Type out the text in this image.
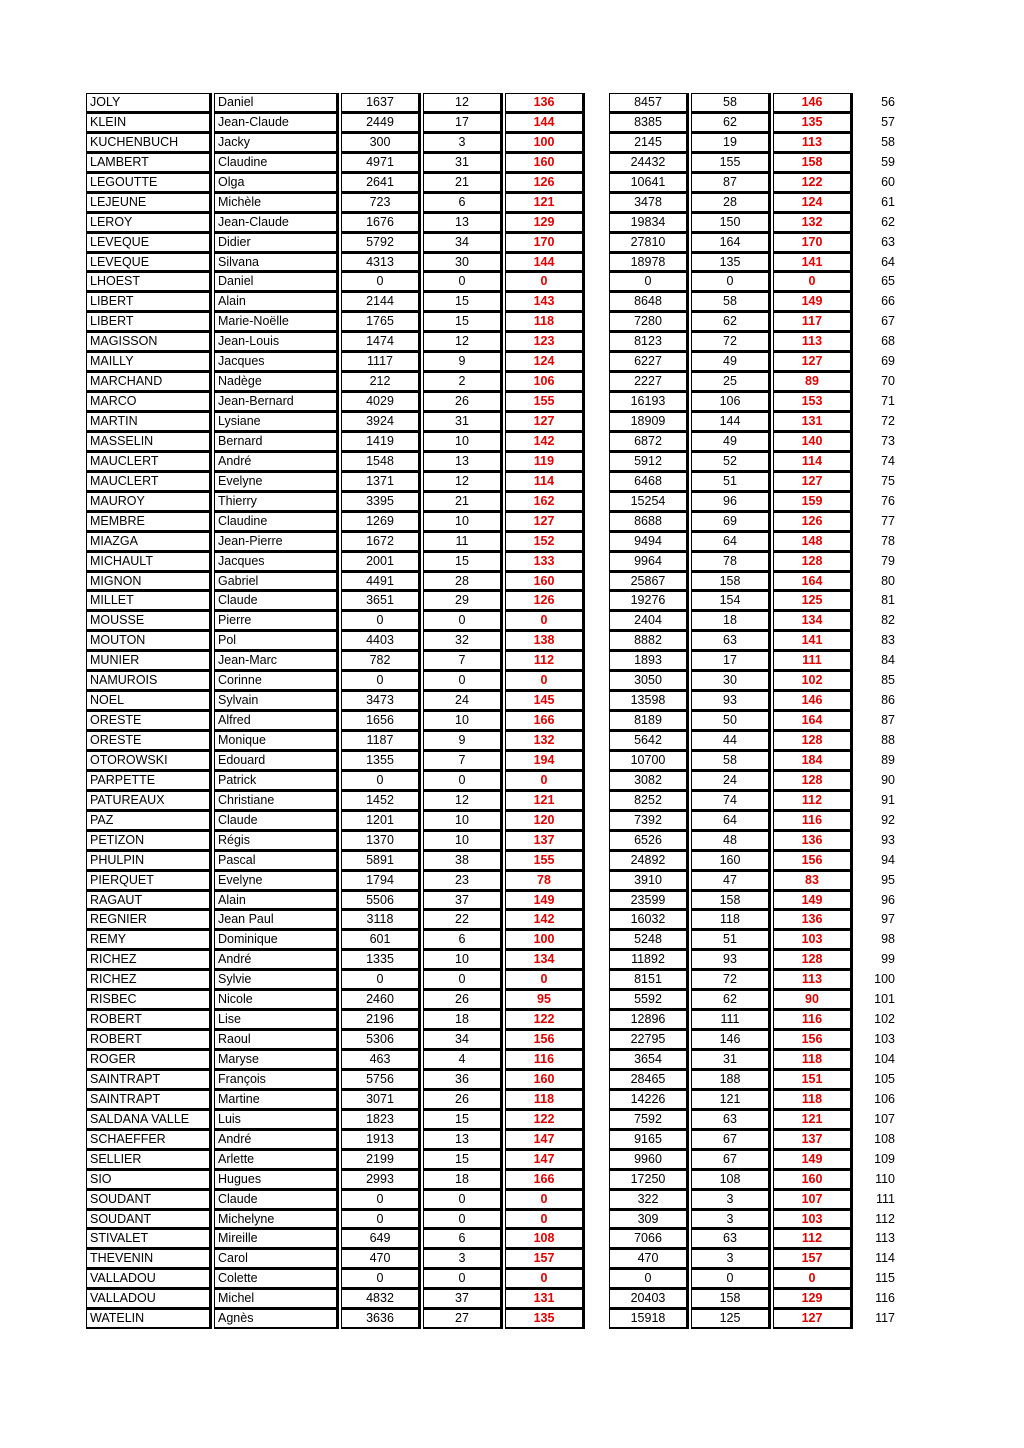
JOLY	Daniel	1637	12	136	8457	58	146	56
KLEIN	Jean-Claude	2449	17	144	8385	62	135	57
KUCHENBUCH	Jacky	300	3	100	2145	19	113	58
LAMBERT	Claudine	4971	31	160	24432	155	158	59
LEGOUTTE	Olga	2641	21	126	10641	87	122	60
LEJEUNE	Michèle	723	6	121	3478	28	124	61
LEROY	Jean-Claude	1676	13	129	19834	150	132	62
LEVEQUE	Didier	5792	34	170	27810	164	170	63
LEVEQUE	Silvana	4313	30	144	18978	135	141	64
LHOEST	Daniel	0	0	0	0	0	0	65
LIBERT	Alain	2144	15	143	8648	58	149	66
LIBERT	Marie-Noëlle	1765	15	118	7280	62	117	67
MAGISSON	Jean-Louis	1474	12	123	8123	72	113	68
MAILLY	Jacques	1117	9	124	6227	49	127	69
MARCHAND	Nadège	212	2	106	2227	25	89	70
MARCO	Jean-Bernard	4029	26	155	16193	106	153	71
MARTIN	Lysiane	3924	31	127	18909	144	131	72
MASSELIN	Bernard	1419	10	142	6872	49	140	73
MAUCLERT	André	1548	13	119	5912	52	114	74
MAUCLERT	Evelyne	1371	12	114	6468	51	127	75
MAUROY	Thierry	3395	21	162	15254	96	159	76
MEMBRE	Claudine	1269	10	127	8688	69	126	77
MIAZGA	Jean-Pierre	1672	11	152	9494	64	148	78
MICHAULT	Jacques	2001	15	133	9964	78	128	79
MIGNON	Gabriel	4491	28	160	25867	158	164	80
MILLET	Claude	3651	29	126	19276	154	125	81
MOUSSE	Pierre	0	0	0	2404	18	134	82
MOUTON	Pol	4403	32	138	8882	63	141	83
MUNIER	Jean-Marc	782	7	112	1893	17	111	84
NAMUROIS	Corinne	0	0	0	3050	30	102	85
NOEL	Sylvain	3473	24	145	13598	93	146	86
ORESTE	Alfred	1656	10	166	8189	50	164	87
ORESTE	Monique	1187	9	132	5642	44	128	88
OTOROWSKI	Edouard	1355	7	194	10700	58	184	89
PARPETTE	Patrick	0	0	0	3082	24	128	90
PATUREAUX	Christiane	1452	12	121	8252	74	112	91
PAZ	Claude	1201	10	120	7392	64	116	92
PETIZON	Régis	1370	10	137	6526	48	136	93
PHULPIN	Pascal	5891	38	155	24892	160	156	94
PIERQUET	Evelyne	1794	23	78	3910	47	83	95
RAGAUT	Alain	5506	37	149	23599	158	149	96
REGNIER	Jean Paul	3118	22	142	16032	118	136	97
REMY	Dominique	601	6	100	5248	51	103	98
RICHEZ	André	1335	10	134	11892	93	128	99
RICHEZ	Sylvie	0	0	0	8151	72	113	100
RISBEC	Nicole	2460	26	95	5592	62	90	101
ROBERT	Lise	2196	18	122	12896	111	116	102
ROBERT	Raoul	5306	34	156	22795	146	156	103
ROGER	Maryse	463	4	116	3654	31	118	104
SAINTRAPT	François	5756	36	160	28465	188	151	105
SAINTRAPT	Martine	3071	26	118	14226	121	118	106
SALDANA VALLE	Luis	1823	15	122	7592	63	121	107
SCHAEFFER	André	1913	13	147	9165	67	137	108
SELLIER	Arlette	2199	15	147	9960	67	149	109
SIO	Hugues	2993	18	166	17250	108	160	110
SOUDANT	Claude	0	0	0	322	3	107	111
SOUDANT	Michelyne	0	0	0	309	3	103	112
STIVALET	Mireille	649	6	108	7066	63	112	113
THEVENIN	Carol	470	3	157	470	3	157	114
VALLADOU	Colette	0	0	0	0	0	0	115
VALLADOU	Michel	4832	37	131	20403	158	129	116
WATELIN	Agnès	3636	27	135	15918	125	127	117
